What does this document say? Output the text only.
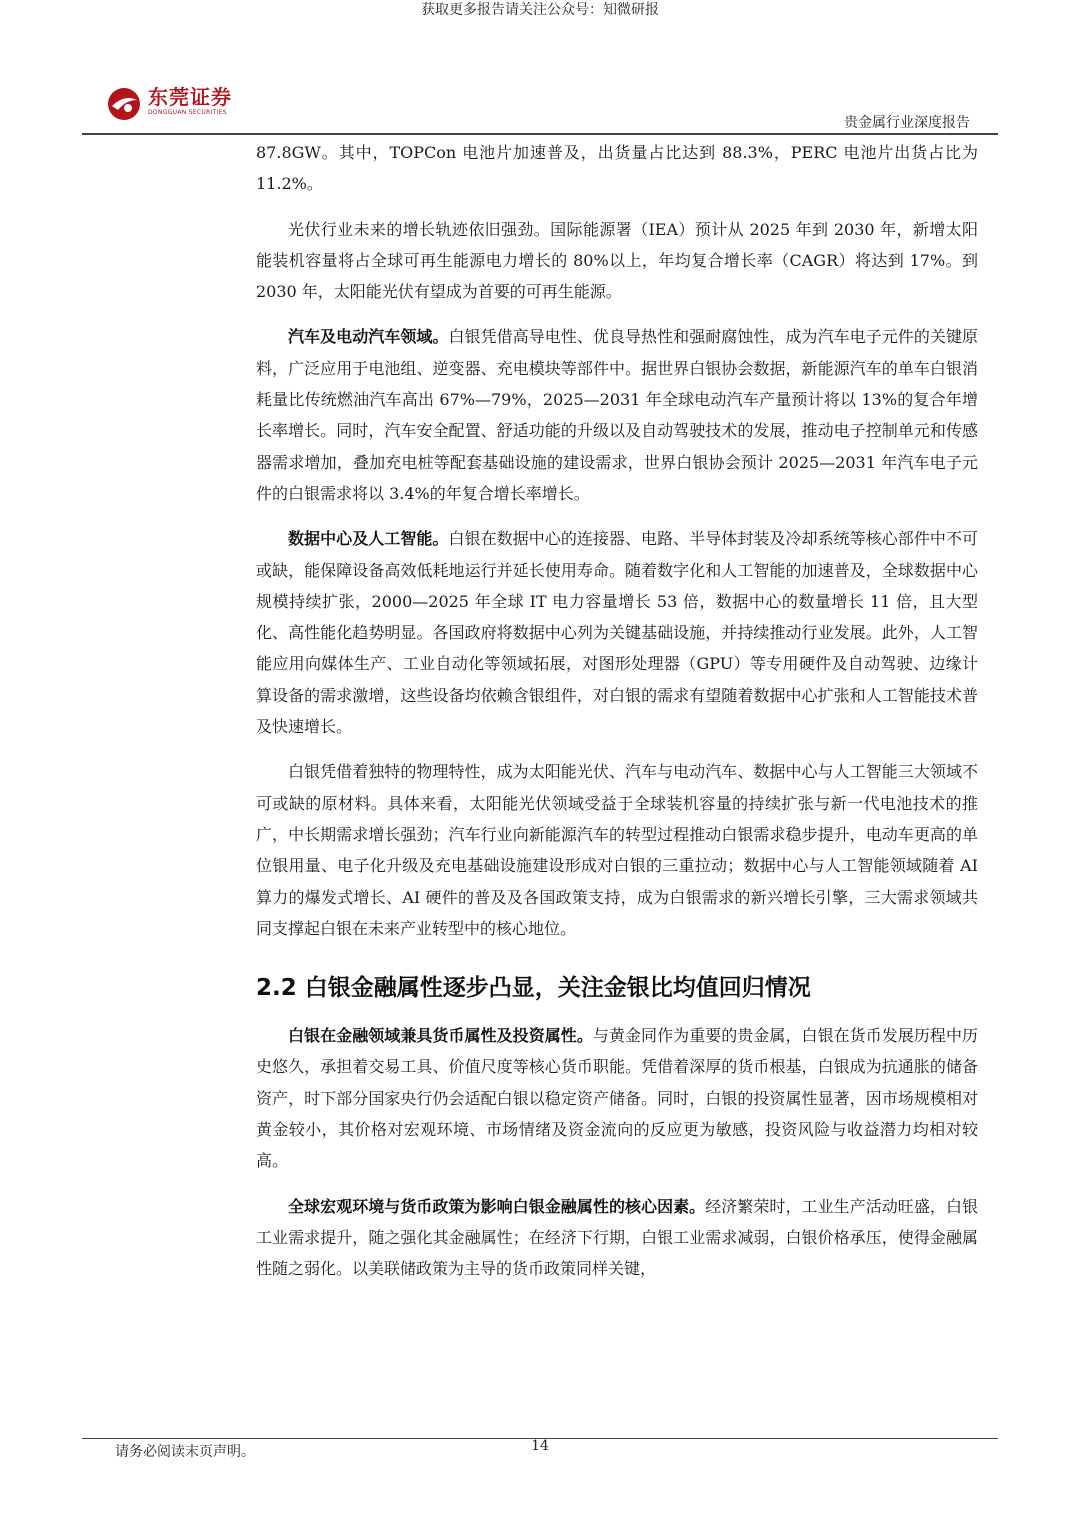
获取更多报告请关注公众号：知微研报
东莞证券
DONGGUAN SECURITIES
贵金属行业深度报告

87.8GW。其中，TOPCon 电池片加速普及，出货量占比达到 88.3%，PERC 电池片出货占比为 11.2%。

光伏行业未来的增长轨迹依旧强劲。国际能源署（IEA）预计从 2025 年到 2030 年，新增太阳能装机容量将占全球可再生能源电力增长的 80%以上，年均复合增长率（CAGR）将达到 17%。到 2030 年，太阳能光伏有望成为首要的可再生能源。

汽车及电动汽车领域。白银凭借高导电性、优良导热性和强耐腐蚀性，成为汽车电子元件的关键原料，广泛应用于电池组、逆变器、充电模块等部件中。据世界白银协会数据，新能源汽车的单车白银消耗量比传统燃油汽车高出 67%—79%，2025—2031 年全球电动汽车产量预计将以 13%的复合年增长率增长。同时，汽车安全配置、舒适功能的升级以及自动驾驶技术的发展，推动电子控制单元和传感器需求增加，叠加充电桩等配套基础设施的建设需求，世界白银协会预计 2025—2031 年汽车电子元件的白银需求将以 3.4%的年复合增长率增长。

数据中心及人工智能。白银在数据中心的连接器、电路、半导体封装及冷却系统等核心部件中不可或缺，能保障设备高效低耗地运行并延长使用寿命。随着数字化和人工智能的加速普及，全球数据中心规模持续扩张，2000—2025 年全球 IT 电力容量增长 53 倍，数据中心的数量增长 11 倍，且大型化、高性能化趋势明显。各国政府将数据中心列为关键基础设施，并持续推动行业发展。此外，人工智能应用向媒体生产、工业自动化等领域拓展，对图形处理器（GPU）等专用硬件及自动驾驶、边缘计算设备的需求激增，这些设备均依赖含银组件，对白银的需求有望随着数据中心扩张和人工智能技术普及快速增长。

白银凭借着独特的物理特性，成为太阳能光伏、汽车与电动汽车、数据中心与人工智能三大领域不可或缺的原材料。具体来看，太阳能光伏领域受益于全球装机容量的持续扩张与新一代电池技术的推广，中长期需求增长强劲；汽车行业向新能源汽车的转型过程推动白银需求稳步提升，电动车更高的单位银用量、电子化升级及充电基础设施建设形成对白银的三重拉动；数据中心与人工智能领域随着 AI 算力的爆发式增长、AI 硬件的普及及各国政策支持，成为白银需求的新兴增长引擎，三大需求领域共同支撑起白银在未来产业转型中的核心地位。

2.2 白银金融属性逐步凸显，关注金银比均值回归情况

白银在金融领域兼具货币属性及投资属性。与黄金同作为重要的贵金属，白银在货币发展历程中历史悠久，承担着交易工具、价值尺度等核心货币职能。凭借着深厚的货币根基，白银成为抗通胀的储备资产，时下部分国家央行仍会适配白银以稳定资产储备。同时，白银的投资属性显著，因市场规模相对黄金较小，其价格对宏观环境、市场情绪及资金流向的反应更为敏感，投资风险与收益潜力均相对较高。

全球宏观环境与货币政策为影响白银金融属性的核心因素。经济繁荣时，工业生产活动旺盛，白银工业需求提升，随之强化其金融属性；在经济下行期，白银工业需求减弱，白银价格承压，使得金融属性随之弱化。以美联储政策为主导的货币政策同样关键，

请务必阅读末页声明。	14
